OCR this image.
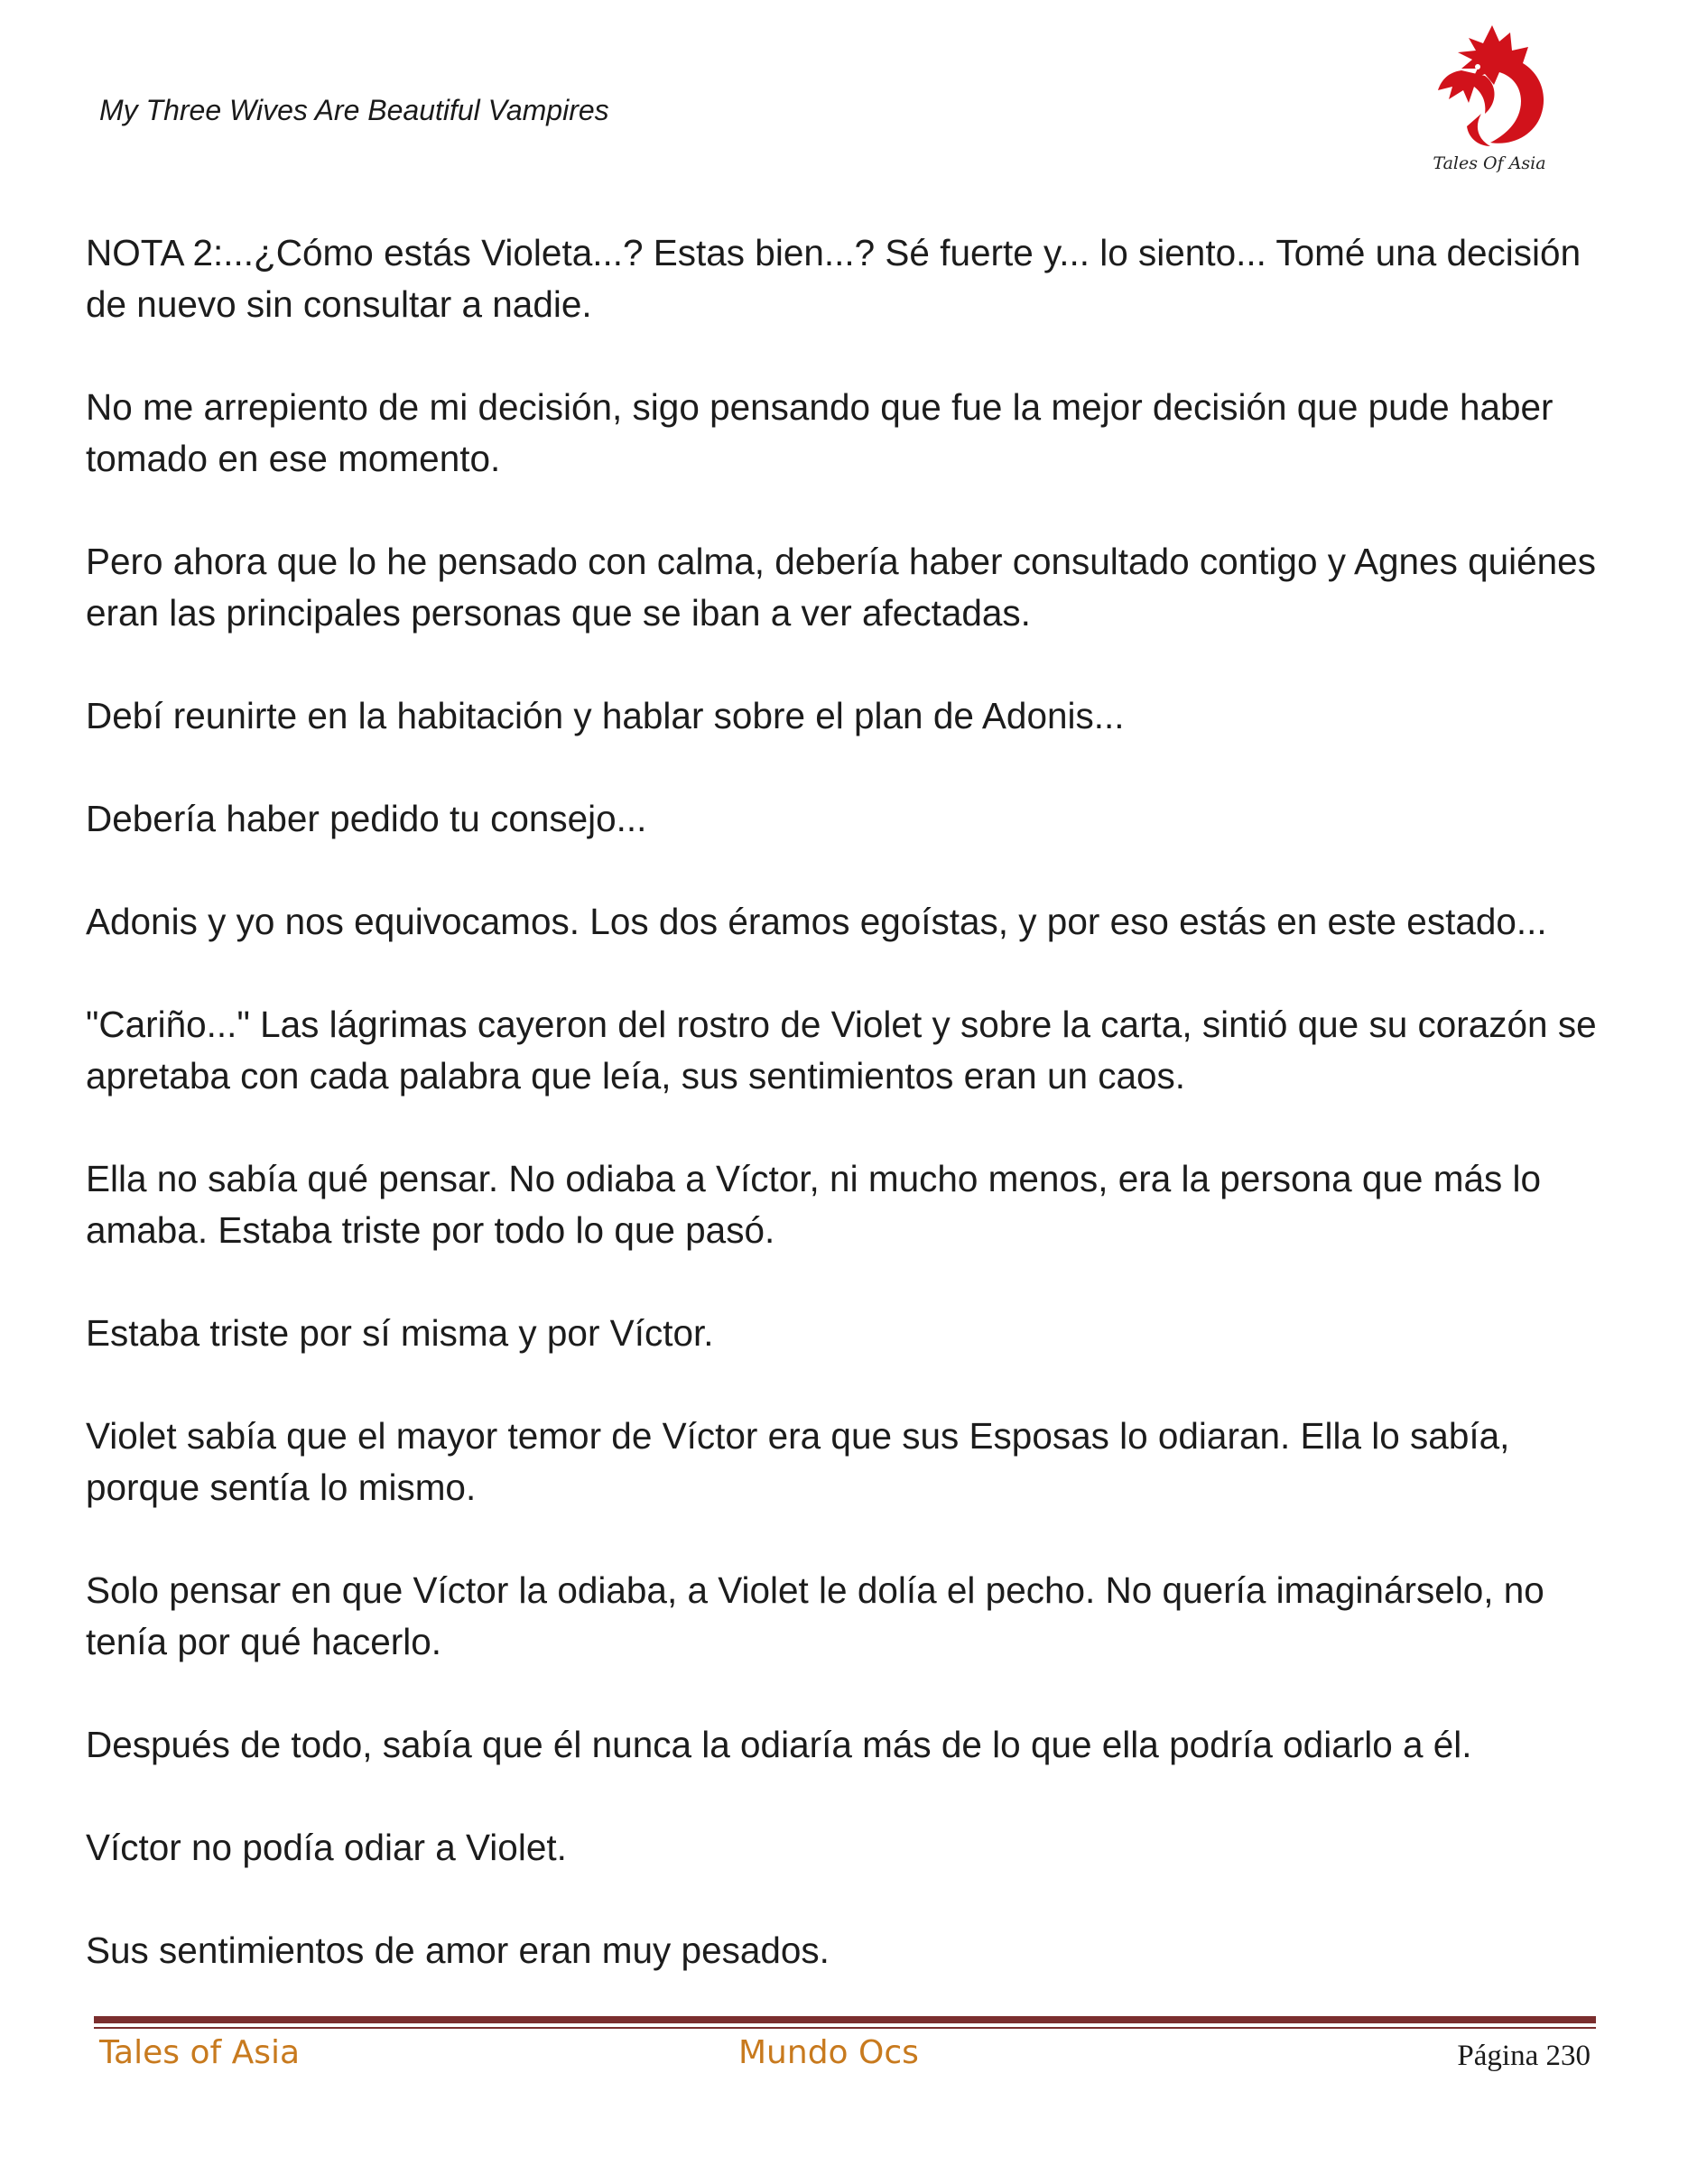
My Three Wives Are Beautiful Vampires
Tales Of Asia

NOTA 2:...¿Cómo estás Violeta...? Estas bien...? Sé fuerte y... lo siento... Tomé una decisión de nuevo sin consultar a nadie.

No me arrepiento de mi decisión, sigo pensando que fue la mejor decisión que pude haber tomado en ese momento.

Pero ahora que lo he pensado con calma, debería haber consultado contigo y Agnes quiénes eran las principales personas que se iban a ver afectadas.

Debí reunirte en la habitación y hablar sobre el plan de Adonis...

Debería haber pedido tu consejo...

Adonis y yo nos equivocamos. Los dos éramos egoístas, y por eso estás en este estado...

"Cariño..." Las lágrimas cayeron del rostro de Violet y sobre la carta, sintió que su corazón se apretaba con cada palabra que leía, sus sentimientos eran un caos.

Ella no sabía qué pensar. No odiaba a Víctor, ni mucho menos, era la persona que más lo amaba. Estaba triste por todo lo que pasó.

Estaba triste por sí misma y por Víctor.

Violet sabía que el mayor temor de Víctor era que sus Esposas lo odiaran. Ella lo sabía, porque sentía lo mismo.

Solo pensar en que Víctor la odiaba, a Violet le dolía el pecho. No quería imaginárselo, no tenía por qué hacerlo.

Después de todo, sabía que él nunca la odiaría más de lo que ella podría odiarlo a él.

Víctor no podía odiar a Violet.

Sus sentimientos de amor eran muy pesados.

Tales of Asia	Mundo Ocs	Página 230
